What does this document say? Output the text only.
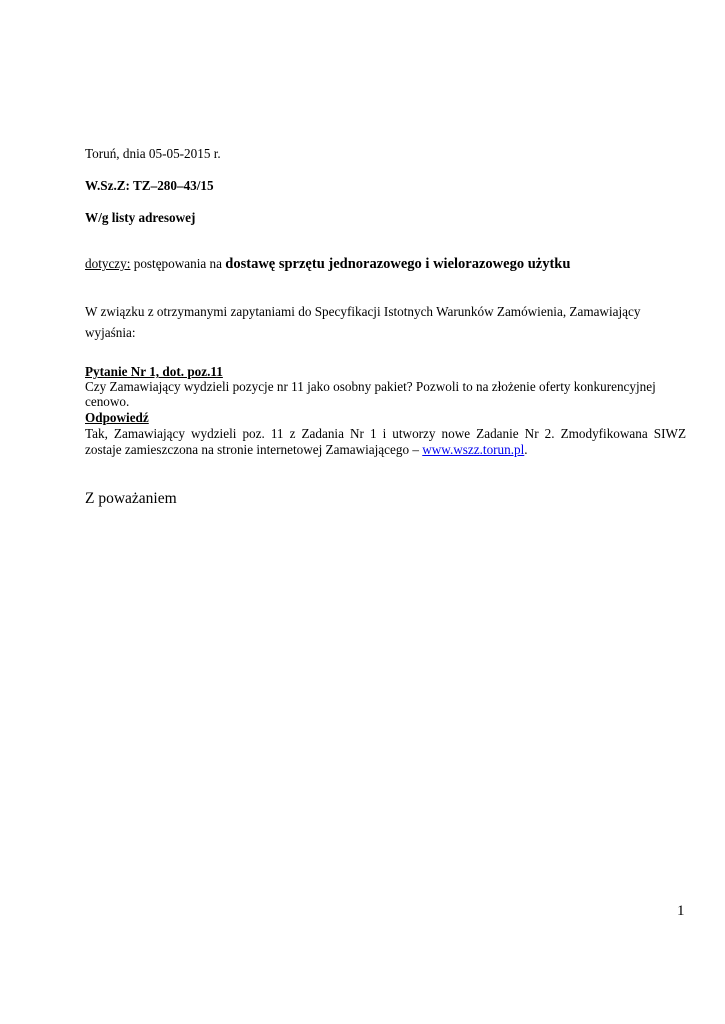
Toruń, dnia 05-05-2015 r.
W.Sz.Z: TZ–280–43/15
W/g listy adresowej
dotyczy: postępowania na dostawę sprzętu jednorazowego i wielorazowego użytku
W związku z otrzymanymi zapytaniami do Specyfikacji Istotnych Warunków Zamówienia, Zamawiający
wyjaśnia:
Pytanie Nr 1, dot. poz.11
Czy Zamawiający wydzieli pozycje nr 11 jako osobny pakiet? Pozwoli to na złożenie oferty konkurencyjnej
cenowo.
Odpowiedź
Tak, Zamawiający wydzieli poz. 11 z Zadania Nr 1 i utworzy nowe Zadanie Nr 2. Zmodyfikowana SIWZ
zostaje zamieszczona na stronie internetowej Zamawiającego – www.wszz.torun.pl.
Z poważaniem
1
